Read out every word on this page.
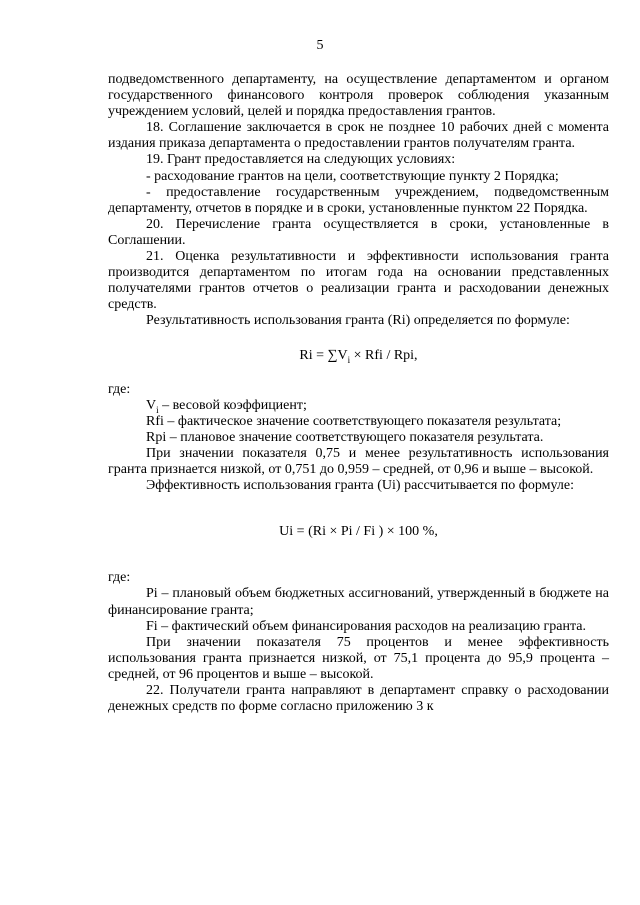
5

подведомственного департаменту, на осуществление департаментом и органом государственного финансового контроля проверок соблюдения указанным учреждением условий, целей и порядка предоставления грантов.

18. Соглашение заключается в срок не позднее 10 рабочих дней с момента издания приказа департамента о предоставлении грантов получателям гранта.

19. Грант предоставляется на следующих условиях:

- расходование грантов на цели, соответствующие пункту 2 Порядка;

- предоставление государственным учреждением, подведомственным департаменту, отчетов в порядке и в сроки, установленные пунктом 22 Порядка.

20. Перечисление гранта осуществляется в сроки, установленные в Соглашении.

21. Оценка результативности и эффективности использования гранта производится департаментом по итогам года на основании представленных получателями грантов отчетов о реализации гранта и расходовании денежных средств.

Результативность использования гранта (Ri) определяется по формуле:

$Ri = \sum V_i$ × Rfi / Rpi,

где:

$V_i$ – весовой коэффициент;

Rfi – фактическое значение соответствующего показателя результата;

Rpi – плановое значение соответствующего показателя результата.

При значении показателя 0,75 и менее результативность использования гранта признается низкой, от 0,751 до 0,959 – средней, от 0,96 и выше – высокой.

Эффективность использования гранта (Ui) рассчитывается по формуле:

Ui = (Ri × Pi / Fi ) × 100 %,

где:

Pi – плановый объем бюджетных ассигнований, утвержденный в бюджете на финансирование гранта;

Fi – фактический объем финансирования расходов на реализацию гранта.

При значении показателя 75 процентов и менее эффективность использования гранта признается низкой, от 75,1 процента до 95,9 процента – средней, от 96 процентов и выше – высокой.

22. Получатели гранта направляют в департамент справку о расходовании денежных средств по форме согласно приложению 3 к
